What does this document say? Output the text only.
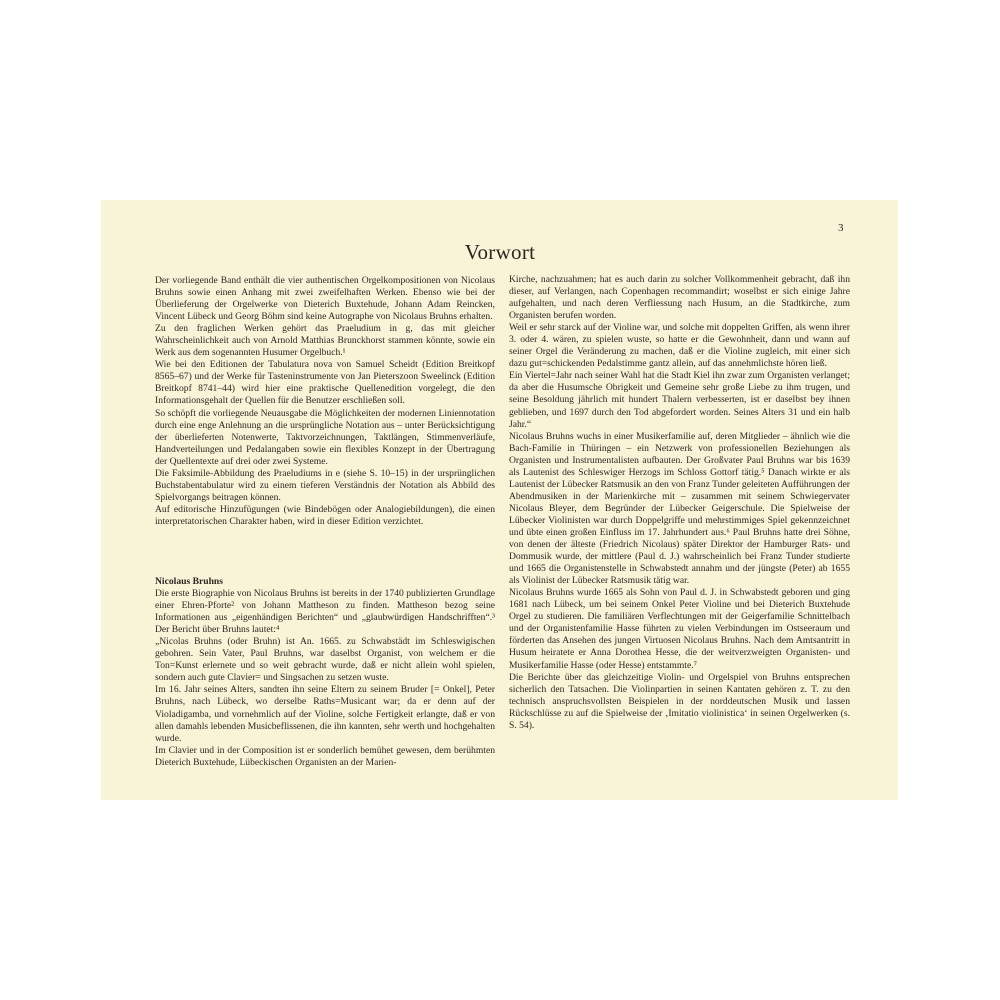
3
Vorwort

Der vorliegende Band enthält die vier authentischen Orgelkompositionen von Nicolaus Bruhns sowie einen Anhang mit zwei zweifelhaften Werken. Ebenso wie bei der Überlieferung der Orgelwerke von Dieterich Buxtehude, Johann Adam Reincken, Vincent Lübeck und Georg Böhm sind keine Autographe von Nicolaus Bruhns erhalten.

Zu den fraglichen Werken gehört das Praeludium in g, das mit gleicher Wahrscheinlichkeit auch von Arnold Matthias Brunckhorst stammen könnte, sowie ein Werk aus dem sogenannten Husumer Orgelbuch.¹

Wie bei den Editionen der Tabulatura nova von Samuel Scheidt (Edition Breitkopf 8565–67) und der Werke für Tasteninstrumente von Jan Pieterszoon Sweelinck (Edition Breitkopf 8741–44) wird hier eine praktische Quellenedition vorgelegt, die den Informationsgehalt der Quellen für die Benutzer erschließen soll.

So schöpft die vorliegende Neuausgabe die Möglichkeiten der modernen Liniennotation durch eine enge Anlehnung an die ursprüngliche Notation aus – unter Berücksichtigung der überlieferten Notenwerte, Taktvorzeichnungen, Taktlängen, Stimmenverläufe, Handverteilungen und Pedalangaben sowie ein flexibles Konzept in der Übertragung der Quellentexte auf drei oder zwei Systeme.

Die Faksimile-Abbildung des Praeludiums in e (siehe S. 10–15) in der ursprünglichen Buchstabentabulatur wird zu einem tieferen Verständnis der Notation als Abbild des Spielvorgangs beitragen können.

Auf editorische Hinzufügungen (wie Bindebögen oder Analogiebildungen), die einen interpretatorischen Charakter haben, wird in dieser Edition verzichtet.

Nicolaus Bruhns

Die erste Biographie von Nicolaus Bruhns ist bereits in der 1740 publizierten Grundlage einer Ehren-Pforte² von Johann Mattheson zu finden. Mattheson bezog seine Informationen aus „eigenhändigen Berichten“ und „glaubwürdigen Handschrifften“.³ Der Bericht über Bruhns lautet:⁴

„Nicolas Bruhns (oder Bruhn) ist An. 1665. zu Schwabstädt im Schleswigischen gebohren. Sein Vater, Paul Bruhns, war daselbst Organist, von welchem er die Ton=Kunst erlernete und so weit gebracht wurde, daß er nicht allein wohl spielen, sondern auch gute Clavier= und Singsachen zu setzen wuste.

Im 16. Jahr seines Alters, sandten ihn seine Eltern zu seinem Bruder [= Onkel], Peter Bruhns, nach Lübeck, wo derselbe Raths=Musicant war; da er denn auf der Violadigamba, und vornehmlich auf der Violine, solche Fertigkeit erlangte, daß er von allen damahls lebenden Musicbeflissenen, die ihn kannten, sehr werth und hochgehalten wurde.

Im Clavier und in der Composition ist er sonderlich bemühet gewesen, dem berühmten Dieterich Buxtehude, Lübeckischen Organisten an der Marien-

Kirche, nachzuahmen; hat es auch darin zu solcher Vollkommenheit gebracht, daß ihn dieser, auf Verlangen, nach Copenhagen recommandirt; woselbst er sich einige Jahre aufgehalten, und nach deren Verfliessung nach Husum, an die Stadtkirche, zum Organisten berufen worden.

Weil er sehr starck auf der Violine war, und solche mit doppelten Griffen, als wenn ihrer 3. oder 4. wären, zu spielen wuste, so hatte er die Gewohnheit, dann und wann auf seiner Orgel die Veränderung zu machen, daß er die Violine zugleich, mit einer sich dazu gut=schickenden Pedalstimme gantz allein, auf das annehmlichste hören ließ.

Ein Viertel=Jahr nach seiner Wahl hat die Stadt Kiel ihn zwar zum Organisten verlanget; da aber die Husumsche Obrigkeit und Gemeine sehr große Liebe zu ihm trugen, und seine Besoldung jährlich mit hundert Thalern verbesserten, ist er daselbst bey ihnen geblieben, und 1697 durch den Tod abgefordert worden. Seines Alters 31 und ein halb Jahr.“

Nicolaus Bruhns wuchs in einer Musikerfamilie auf, deren Mitglieder – ähnlich wie die Bach-Familie in Thüringen – ein Netzwerk von professionellen Beziehungen als Organisten und Instrumentalisten aufbauten. Der Großvater Paul Bruhns war bis 1639 als Lautenist des Schleswiger Herzogs im Schloss Gottorf tätig.⁵ Danach wirkte er als Lautenist der Lübecker Ratsmusik an den von Franz Tunder geleiteten Aufführungen der Abendmusiken in der Marienkirche mit – zusammen mit seinem Schwiegervater Nicolaus Bleyer, dem Begründer der Lübecker Geigerschule. Die Spielweise der Lübecker Violinisten war durch Doppelgriffe und mehrstimmiges Spiel gekennzeichnet und übte einen großen Einfluss im 17. Jahrhundert aus.⁶ Paul Bruhns hatte drei Söhne, von denen der älteste (Friedrich Nicolaus) später Direktor der Hamburger Rats- und Dommusik wurde, der mittlere (Paul d. J.) wahrscheinlich bei Franz Tunder studierte und 1665 die Organistenstelle in Schwabstedt annahm und der jüngste (Peter) ab 1655 als Violinist der Lübecker Ratsmusik tätig war.

Nicolaus Bruhns wurde 1665 als Sohn von Paul d. J. in Schwabstedt geboren und ging 1681 nach Lübeck, um bei seinem Onkel Peter Violine und bei Dieterich Buxtehude Orgel zu studieren. Die familiären Verflechtungen mit der Geigerfamilie Schnittelbach und der Organistenfamilie Hasse führten zu vielen Verbindungen im Ostseeraum und förderten das Ansehen des jungen Virtuosen Nicolaus Bruhns. Nach dem Amtsantritt in Husum heiratete er Anna Dorothea Hesse, die der weitverzweigten Organisten- und Musikerfamilie Hasse (oder Hesse) entstammte.⁷

Die Berichte über das gleichzeitige Violin- und Orgelspiel von Bruhns entsprechen sicherlich den Tatsachen. Die Violinpartien in seinen Kantaten gehören z. T. zu den technisch anspruchsvollsten Beispielen in der norddeutschen Musik und lassen Rückschlüsse zu auf die Spielweise der ‚Imitatio violinistica‘ in seinen Orgelwerken (s. S. 54).
